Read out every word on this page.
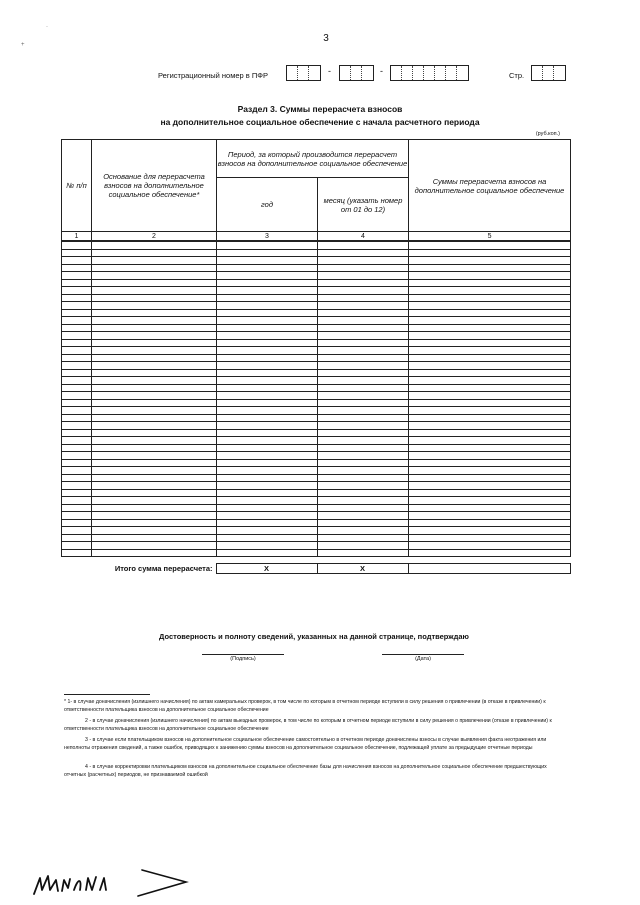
·
+
3
Регистрационный номер в ПФР	-	-	Стр.
Раздел 3. Суммы перерасчета взносов
на дополнительное социальное обеспечение с начала расчетного периода
(руб.коп.)
№ п/п	Основание для перерасчета взносов на дополнительное социальное обеспечение*	Период, за который производится перерасчет взносов на дополнительное социальное обеспечение		Суммы перерасчета взносов на дополнительное социальное обеспечение
		год	месяц (указать номер от 01 до 12)	
1	2	3	4	5

	Итого сумма перерасчета:	X	X	
Достоверность и полноту сведений, указанных на данной странице, подтверждаю
(Подпись)	(Дата)
* 1- в случае доначисления (излишнего начисления) по актам камеральных проверок, в том числе по которым в отчетном периоде вступили в силу решения о привлечении (в отказе в привлечении) к ответственности плательщика взносов на дополнительное социальное обеспечение
2 - в случае доначисления (излишнего начисления) по актам выездных проверок, в том числе по которым в отчетном периоде вступили в силу решения о привлечении (отказе в привлечении) к ответственности плательщика взносов на дополнительное социальное обеспечение
3 - в случае если плательщиком взносов на дополнительное социальное обеспечение самостоятельно в отчетном периоде доначислены взносы в случае выявления факта неотражения или неполноты отражения сведений, а также ошибок, приводящих к занижению суммы взносов на дополнительное социальное обеспечение, подлежащей уплате за предыдущие отчетные периоды
4 - в случае корректировки плательщиком взносов на дополнительное социальное обеспечение базы для начисления взносов на дополнительное социальное обеспечение предшествующих отчетных (расчетных) периодов, не признаваемой ошибкой
